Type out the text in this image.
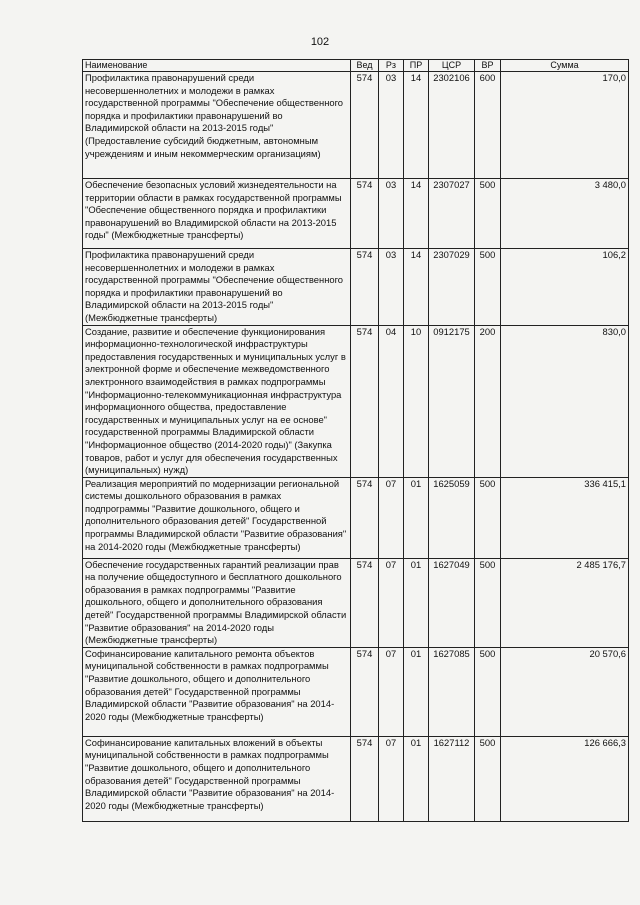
102
Наименование	Вед	Рз	ПР	ЦСР	ВР	Сумма
Профилактика правонарушений среди несовершеннолетних и молодежи в рамках государственной программы "Обеспечение общественного порядка и профилактики правонарушений во Владимирской области на 2013-2015 годы" (Предоставление субсидий бюджетным, автономным учреждениям и иным некоммерческим организациям)	574	03	14	2302106	600	170,0
Обеспечение безопасных условий жизнедеятельности на территории области в рамках государственной программы "Обеспечение общественного порядка и профилактики правонарушений во Владимирской области на 2013-2015 годы" (Межбюджетные трансферты)	574	03	14	2307027	500	3 480,0
Профилактика правонарушений среди несовершеннолетних и молодежи в рамках государственной программы "Обеспечение общественного порядка и профилактики правонарушений во Владимирской области на 2013-2015 годы" (Межбюджетные трансферты)	574	03	14	2307029	500	106,2
Создание, развитие и обеспечение функционирования информационно-технологической инфраструктуры предоставления государственных и муниципальных услуг в электронной форме и обеспечение межведомственного электронного взаимодействия в рамках подпрограммы "Информационно-телекоммуникационная инфраструктура информационного общества, предоставление государственных и муниципальных услуг на ее основе" государственной программы Владимирской области "Информационное общество (2014-2020 годы)" (Закупка товаров, работ и услуг для обеспечения государственных (муниципальных) нужд)	574	04	10	0912175	200	830,0
Реализация мероприятий по модернизации региональной системы дошкольного образования в рамках подпрограммы "Развитие дошкольного, общего и дополнительного образования детей" Государственной программы Владимирской области "Развитие образования" на 2014-2020 годы (Межбюджетные трансферты)	574	07	01	1625059	500	336 415,1
Обеспечение государственных гарантий реализации прав на получение общедоступного и бесплатного дошкольного образования в рамках подпрограммы "Развитие дошкольного, общего и дополнительного образования детей" Государственной программы Владимирской области "Развитие образования" на 2014-2020 годы (Межбюджетные трансферты)	574	07	01	1627049	500	2 485 176,7
Софинансирование капитального ремонта объектов муниципальной собственности в рамках подпрограммы "Развитие дошкольного, общего и дополнительного образования детей" Государственной программы Владимирской области "Развитие образования" на 2014-2020 годы (Межбюджетные трансферты)	574	07	01	1627085	500	20 570,6
Софинансирование капитальных вложений в объекты муниципальной собственности в рамках подпрограммы "Развитие дошкольного, общего и дополнительного образования детей" Государственной программы Владимирской области "Развитие образования" на 2014-2020 годы (Межбюджетные трансферты)	574	07	01	1627112	500	126 666,3
